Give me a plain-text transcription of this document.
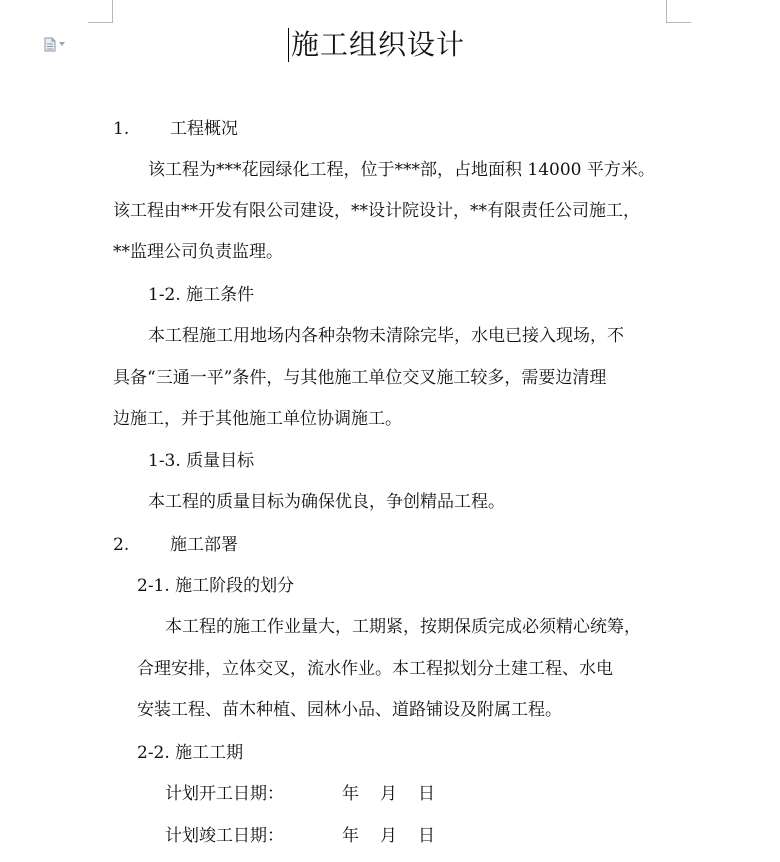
施工组织设计
1. 工程概况
该工程为***花园绿化工程，位于***部，占地面积 14000 平方米。
该工程由**开发有限公司建设，**设计院设计，**有限责任公司施工，
**监理公司负责监理。
1-2. 施工条件
本工程施工用地场内各种杂物未清除完毕，水电已接入现场，不
具备“三通一平”条件，与其他施工单位交叉施工较多，需要边清理
边施工，并于其他施工单位协调施工。
1-3. 质量目标
本工程的质量目标为确保优良，争创精品工程。
2. 施工部署
2-1. 施工阶段的划分
本工程的施工作业量大，工期紧，按期保质完成必须精心统筹，
合理安排，立体交叉，流水作业。本工程拟划分土建工程、水电
安装工程、苗木种植、园林小品、道路铺设及附属工程。
2-2. 施工工期
计划开工日期：	年 月 日
计划竣工日期：	年 月 日
